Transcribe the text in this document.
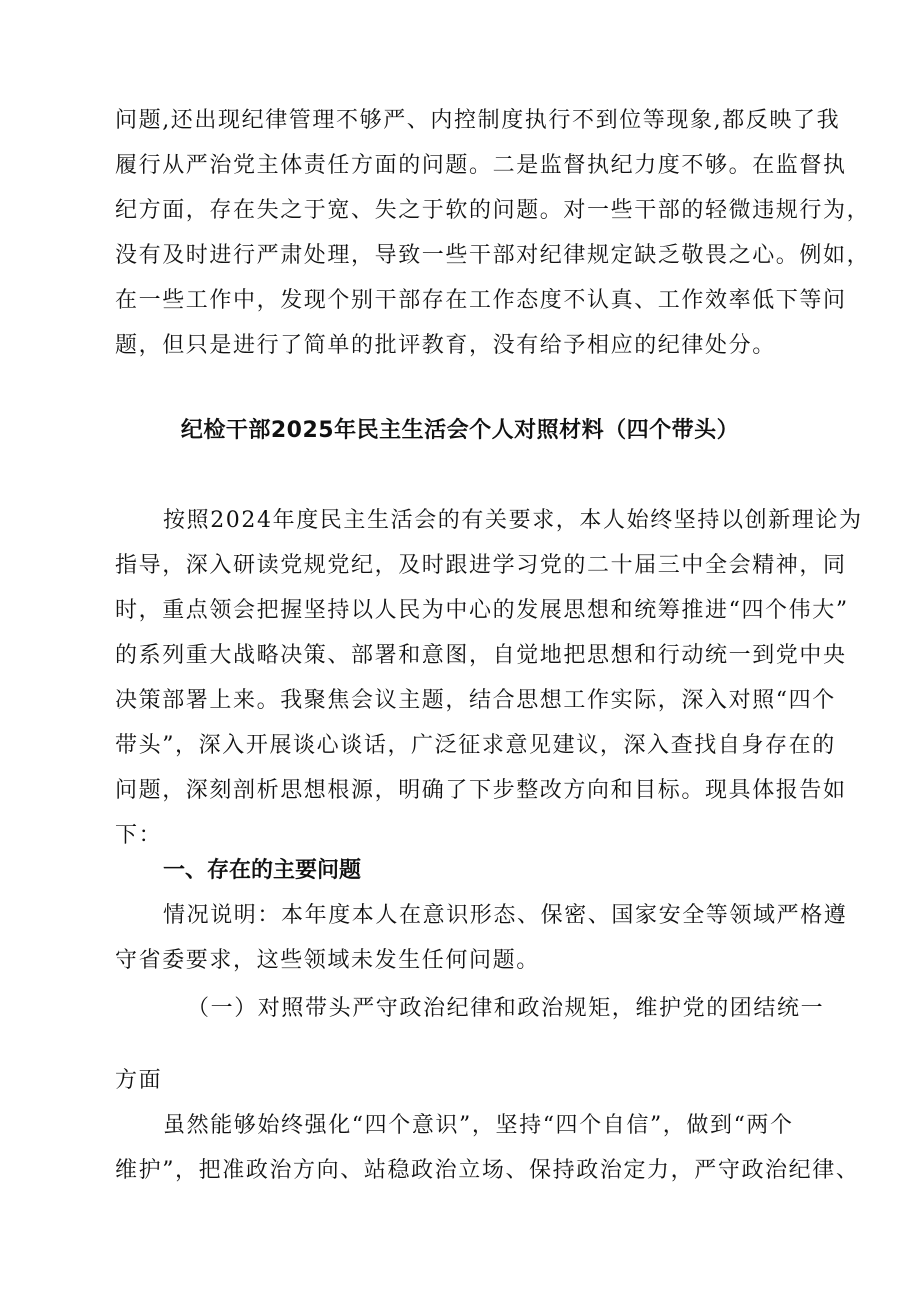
问题,还出现纪律管理不够严、内控制度执行不到位等现象,都反映了我
履行从严治党主体责任方面的问题。二是监督执纪力度不够。在监督执
纪方面，存在失之于宽、失之于软的问题。对一些干部的轻微违规行为，
没有及时进行严肃处理，导致一些干部对纪律规定缺乏敬畏之心。例如，
在一些工作中，发现个别干部存在工作态度不认真、工作效率低下等问
题，但只是进行了简单的批评教育，没有给予相应的纪律处分。
纪检干部2025年民主生活会个人对照材料（四个带头）
按照2024年度民主生活会的有关要求，本人始终坚持以创新理论为
指导，深入研读党规党纪，及时跟进学习党的二十届三中全会精神，同
时，重点领会把握坚持以人民为中心的发展思想和统筹推进“四个伟大”
的系列重大战略决策、部署和意图，自觉地把思想和行动统一到党中央
决策部署上来。我聚焦会议主题，结合思想工作实际，深入对照“四个
带头”，深入开展谈心谈话，广泛征求意见建议，深入查找自身存在的
问题，深刻剖析思想根源，明确了下步整改方向和目标。现具体报告如
下：
一、存在的主要问题
情况说明：本年度本人在意识形态、保密、国家安全等领域严格遵
守省委要求，这些领域未发生任何问题。
（一）对照带头严守政治纪律和政治规矩，维护党的团结统一
方面
虽然能够始终强化“四个意识”，坚持“四个自信”，做到“两个
维护”，把准政治方向、站稳政治立场、保持政治定力，严守政治纪律、
